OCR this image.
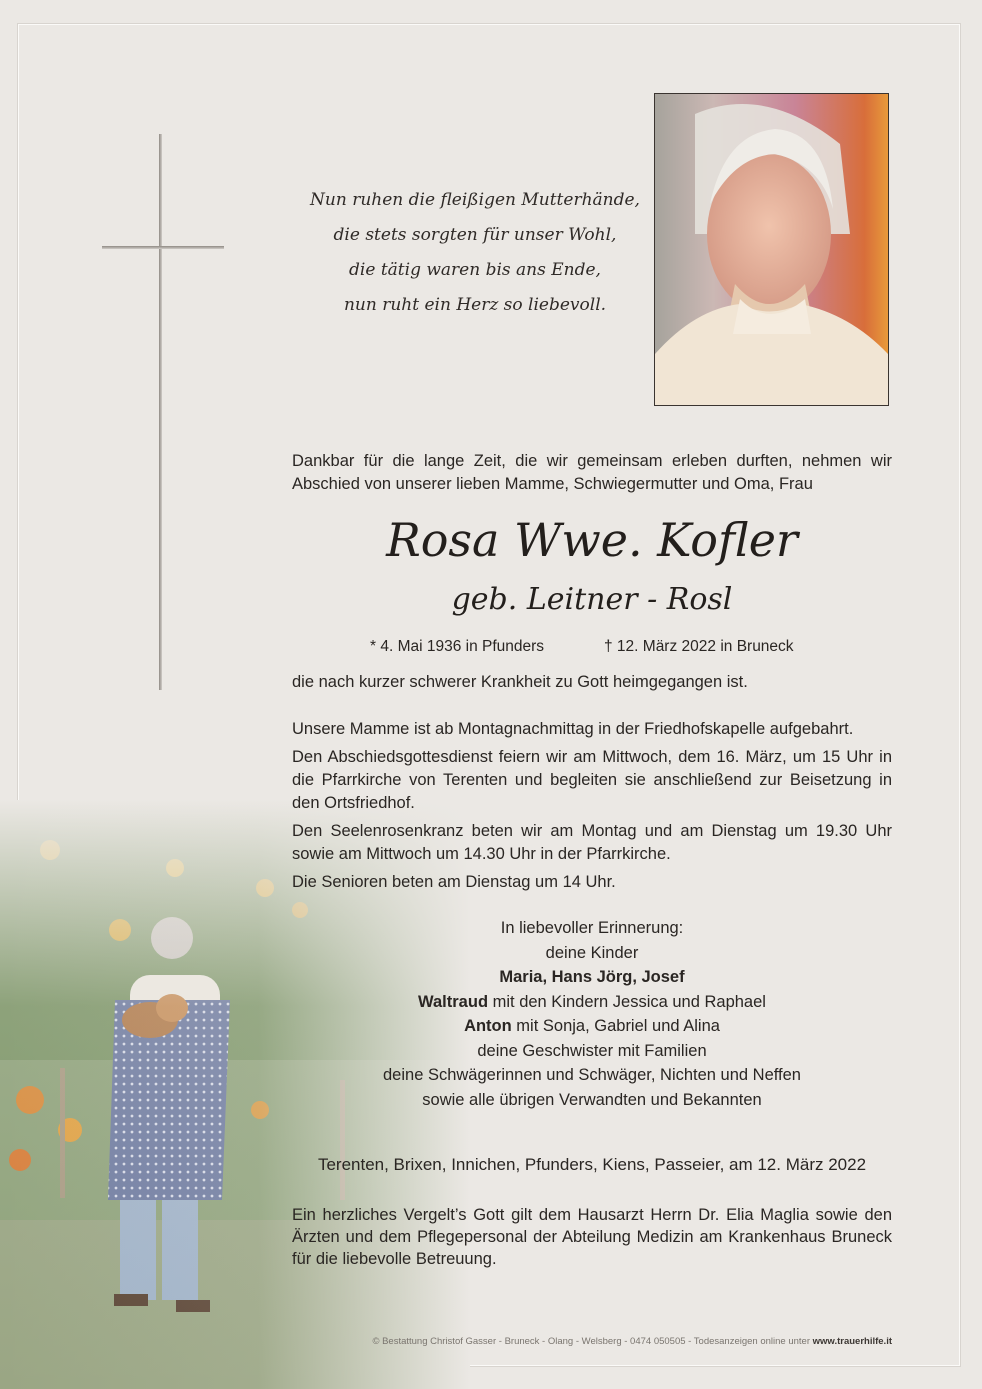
Nun ruhen die fleißigen Mutterhände,
die stets sorgten für unser Wohl,
die tätig waren bis ans Ende,
nun ruht ein Herz so liebevoll.
Dankbar für die lange Zeit, die wir gemeinsam erleben durften, nehmen wir Abschied von unserer lieben Mamme, Schwiegermutter und Oma, Frau
Rosa Wwe. Kofler
geb. Leitner - Rosl
* 4. Mai 1936 in Pfunders	† 12. März 2022 in Bruneck
die nach kurzer schwerer Krankheit zu Gott heimgegangen ist.

Unsere Mamme ist ab Montagnachmittag in der Friedhofskapelle aufgebahrt.

Den Abschiedsgottesdienst feiern wir am Mittwoch, dem 16. März, um 15 Uhr in die Pfarrkirche von Terenten und begleiten sie anschließend zur Beisetzung in den Ortsfriedhof.

Den Seelenrosenkranz beten wir am Montag und am Dienstag um 19.30 Uhr sowie am Mittwoch um 14.30 Uhr in der Pfarrkirche.

Die Senioren beten am Dienstag um 14 Uhr.

In liebevoller Erinnerung:
deine Kinder
Maria, Hans Jörg, Josef
Waltraud mit den Kindern Jessica und Raphael
Anton mit Sonja, Gabriel und Alina
deine Geschwister mit Familien
deine Schwägerinnen und Schwäger, Nichten und Neffen
sowie alle übrigen Verwandten und Bekannten
Terenten, Brixen, Innichen, Pfunders, Kiens, Passeier, am 12. März 2022
Ein herzliches Vergelt’s Gott gilt dem Hausarzt Herrn Dr. Elia Maglia sowie den Ärzten und dem Pflegepersonal der Abteilung Medizin am Krankenhaus Bruneck für die liebevolle Betreuung.
© Bestattung Christof Gasser - Bruneck - Olang - Welsberg - 0474 050505 - Todesanzeigen online unter www.trauerhilfe.it
